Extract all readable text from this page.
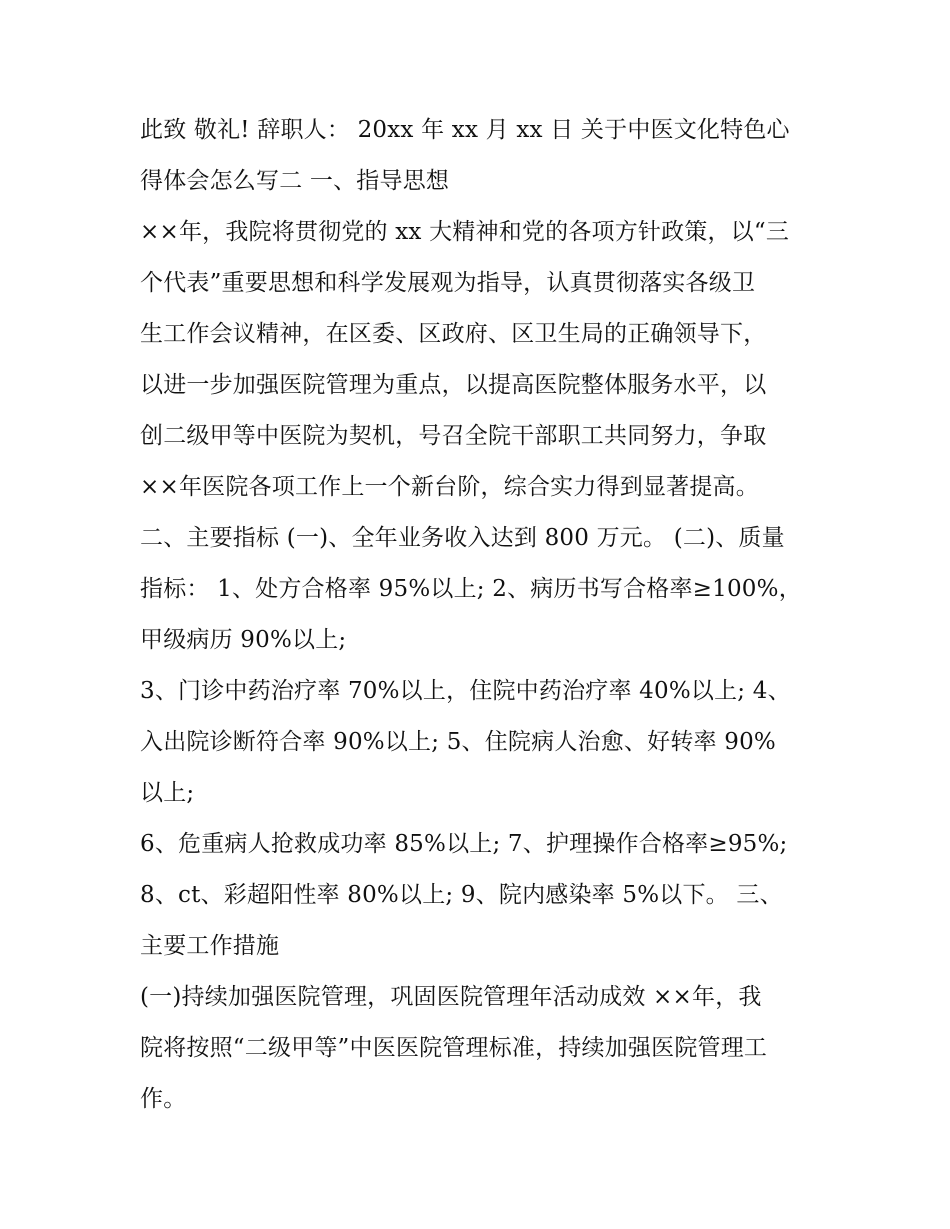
此致 敬礼! 辞职人： 20xx 年 xx 月 xx 日 关于中医文化特色心
得体会怎么写二 一、指导思想
××年，我院将贯彻党的 xx 大精神和党的各项方针政策，以“三
个代表”重要思想和科学发展观为指导，认真贯彻落实各级卫
生工作会议精神，在区委、区政府、区卫生局的正确领导下，
以进一步加强医院管理为重点，以提高医院整体服务水平，以
创二级甲等中医院为契机，号召全院干部职工共同努力，争取
××年医院各项工作上一个新台阶，综合实力得到显著提高。
二、主要指标 (一)、全年业务收入达到 800 万元。 (二)、质量
指标： 1、处方合格率 95%以上; 2、病历书写合格率≥100%，
甲级病历 90%以上;
3、门诊中药治疗率 70%以上，住院中药治疗率 40%以上; 4、
入出院诊断符合率 90%以上; 5、住院病人治愈、好转率 90%
以上;
6、危重病人抢救成功率 85%以上; 7、护理操作合格率≥95%;
8、ct、彩超阳性率 80%以上; 9、院内感染率 5%以下。 三、
主要工作措施
(一)持续加强医院管理，巩固医院管理年活动成效 ××年，我
院将按照“二级甲等”中医医院管理标准，持续加强医院管理工
作。
